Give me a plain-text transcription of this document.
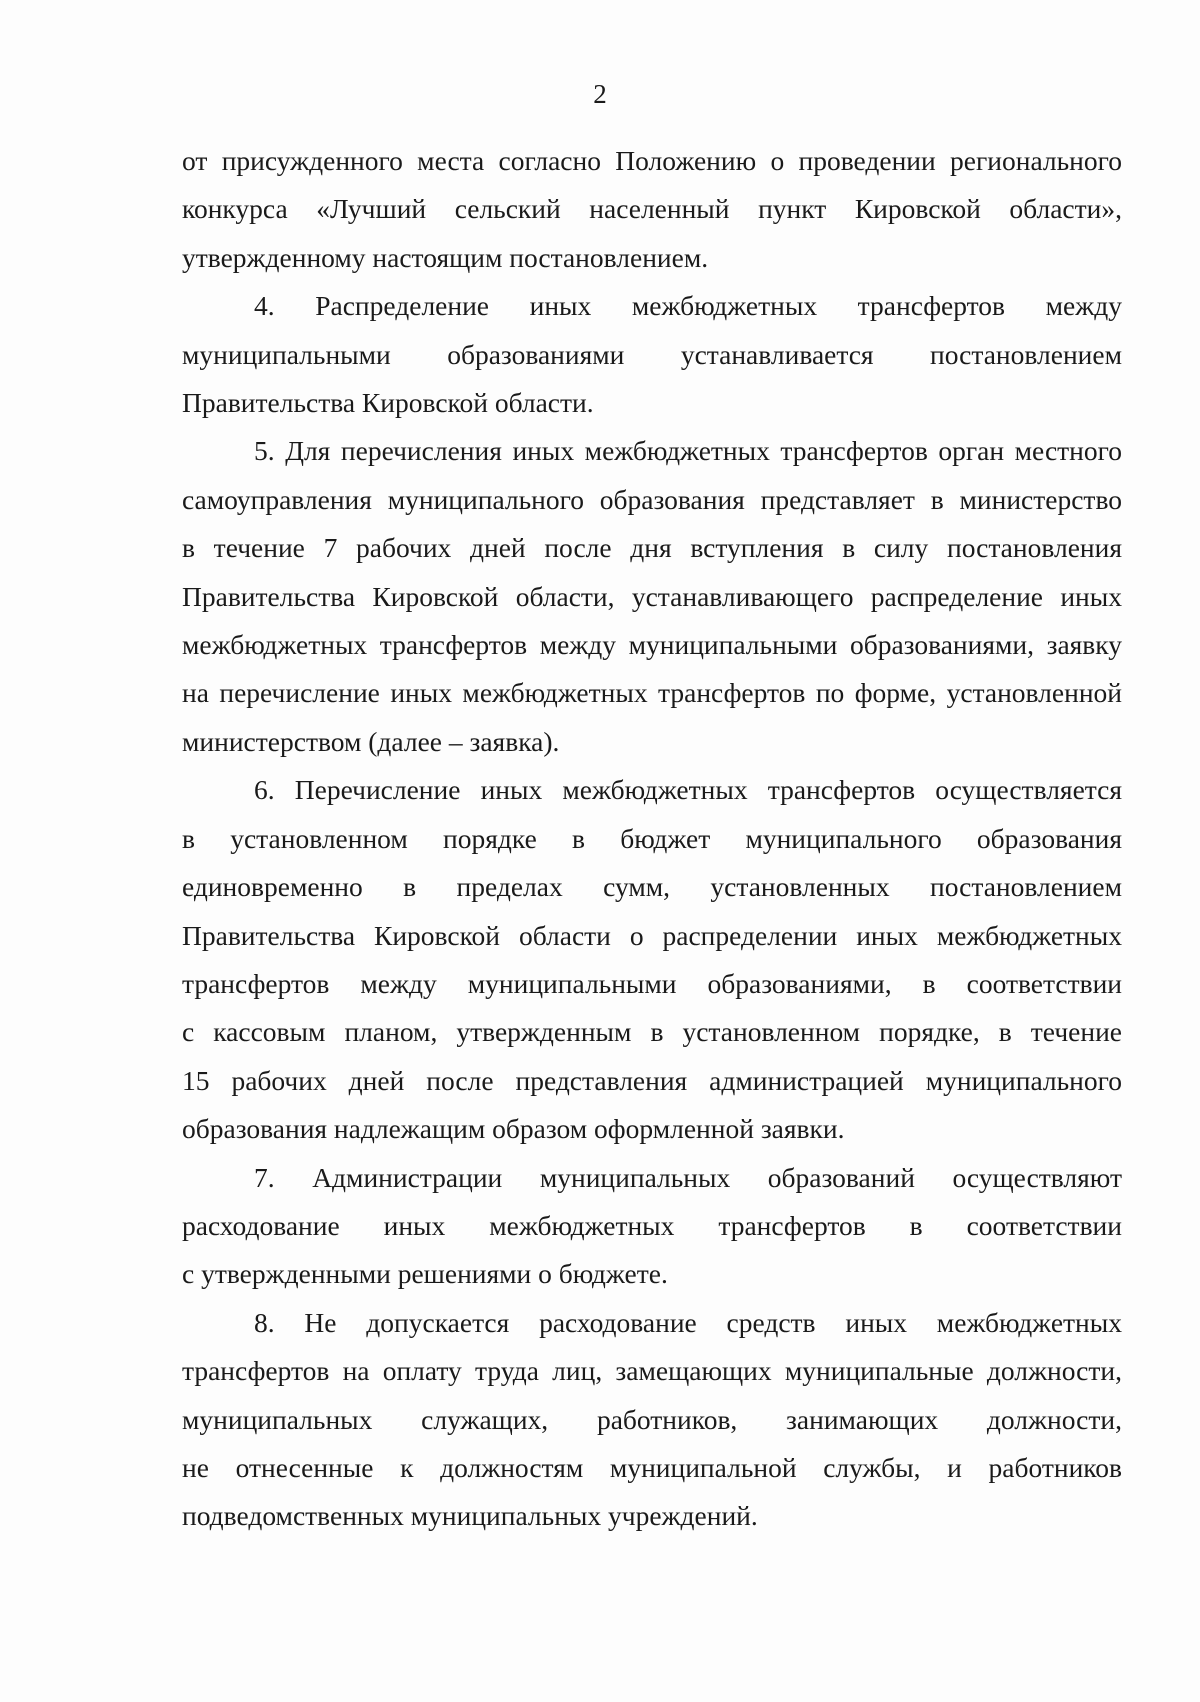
2
от присужденного места согласно Положению о проведении регионального
конкурса «Лучший сельский населенный пункт Кировской области»,
утвержденному настоящим постановлением.
4. Распределение иных межбюджетных трансфертов между
муниципальными образованиями устанавливается постановлением
Правительства Кировской области.
5. Для перечисления иных межбюджетных трансфертов орган местного
самоуправления муниципального образования представляет в министерство
в течение 7 рабочих дней после дня вступления в силу постановления
Правительства Кировской области, устанавливающего распределение иных
межбюджетных трансфертов между муниципальными образованиями, заявку
на перечисление иных межбюджетных трансфертов по форме, установленной
министерством (далее – заявка).
6. Перечисление иных межбюджетных трансфертов осуществляется
в установленном порядке в бюджет муниципального образования
единовременно в пределах сумм, установленных постановлением
Правительства Кировской области о распределении иных межбюджетных
трансфертов между муниципальными образованиями, в соответствии
с кассовым планом, утвержденным в установленном порядке, в течение
15 рабочих дней после представления администрацией муниципального
образования надлежащим образом оформленной заявки.
7. Администрации муниципальных образований осуществляют
расходование иных межбюджетных трансфертов в соответствии
с утвержденными решениями о бюджете.
8. Не допускается расходование средств иных межбюджетных
трансфертов на оплату труда лиц, замещающих муниципальные должности,
муниципальных служащих, работников, занимающих должности,
не отнесенные к должностям муниципальной службы, и работников
подведомственных муниципальных учреждений.
